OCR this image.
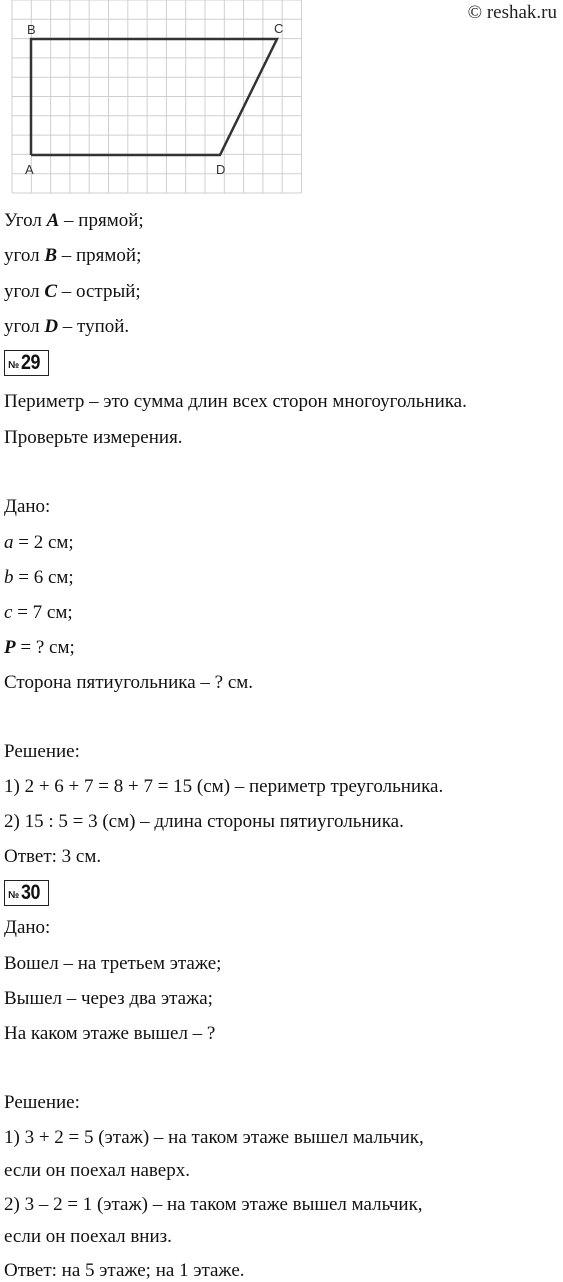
B	C
A	D
© reshak.ru

Угол A – прямой;

угол B – прямой;

угол C – острый;

угол D – тупой.

№ 29

Периметр – это сумма длин всех сторон многоугольника.

Проверьте измерения.

Дано:

a = 2 см;

b = 6 см;

c = 7 см;

P = ? см;

Сторона пятиугольника – ? см.

Решение:

1) 2 + 6 + 7 = 8 + 7 = 15 (см) – периметр треугольника.

2) 15 : 5 = 3 (см) – длина стороны пятиугольника.

Ответ: 3 см.

№ 30

Дано:

Вошел – на третьем этаже;

Вышел – через два этажа;

На каком этаже вышел – ?

Решение:

1) 3 + 2 = 5 (этаж) – на таком этаже вышел мальчик,

если он поехал наверх.

2) 3 – 2 = 1 (этаж) – на таком этаже вышел мальчик,

если он поехал вниз.

Ответ: на 5 этаже; на 1 этаже.
